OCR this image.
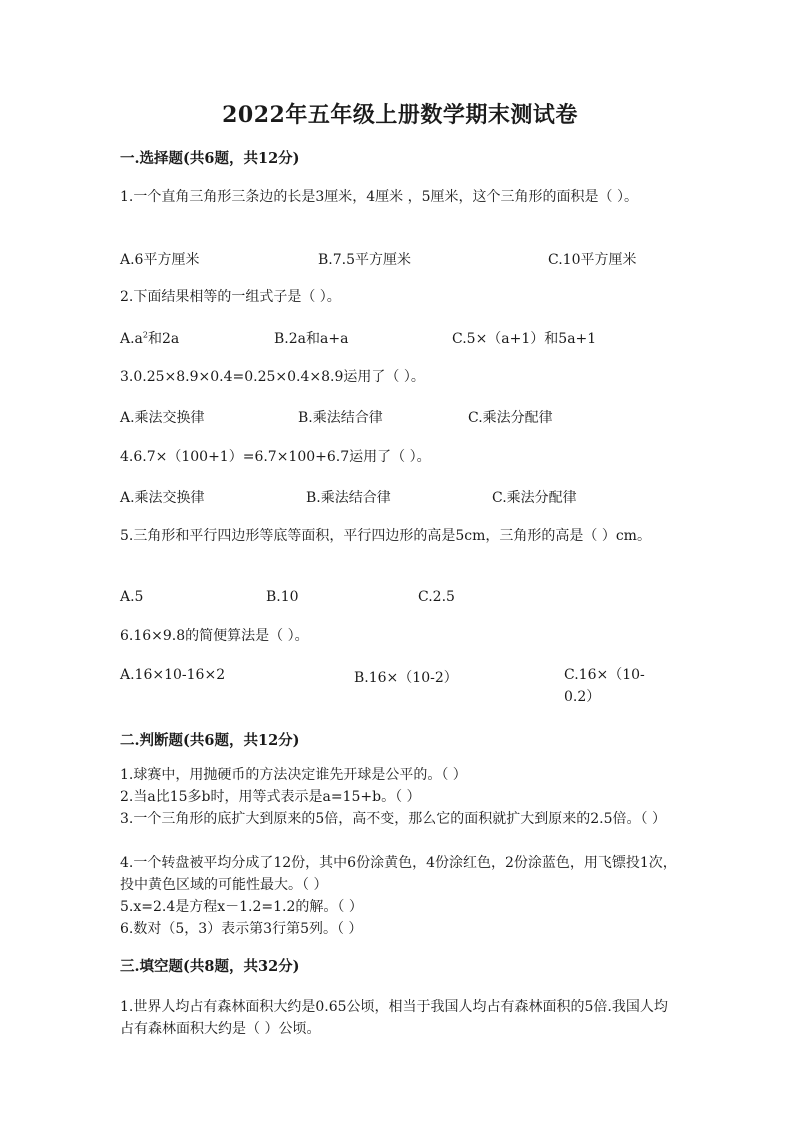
2022年五年级上册数学期末测试卷
一.选择题(共6题，共12分)
1.一个直角三角形三条边的长是3厘米，4厘米 ，5厘米，这个三角形的面积是（ ）。
A.6平方厘米	B.7.5平方厘米	C.10平方厘米
2.下面结果相等的一组式子是（ ）。
$A.a^2$和2a	B.2a和a+a	C.5×（a+1）和5a+1
3.0.25×8.9×0.4=0.25×0.4×8.9运用了（ ）。
A.乘法交换律	B.乘法结合律	C.乘法分配律
4.6.7×（100+1）=6.7×100+6.7运用了（ ）。
A.乘法交换律	B.乘法结合律	C.乘法分配律
5.三角形和平行四边形等底等面积，平行四边形的高是5cm，三角形的高是（ ）cm。
A.5	B.10	C.2.5
6.16×9.8的简便算法是（ ）。
A.16×10-16×2	B.16×（10-2）	C.16×（10-0.2）
二.判断题(共6题，共12分)
1.球赛中，用抛硬币的方法决定谁先开球是公平的。（ ）
2.当a比15多b时，用等式表示是a=15+b。（ ）
3.一个三角形的底扩大到原来的5倍，高不变，那么它的面积就扩大到原来的2.5倍。（ ）
4.一个转盘被平均分成了12份，其中6份涂黄色，4份涂红色，2份涂蓝色，用飞镖投1次，投中黄色区域的可能性最大。（ ）
5.x=2.4是方程x－1.2=1.2的解。（ ）
6.数对（5，3）表示第3行第5列。（ ）
三.填空题(共8题，共32分)
1.世界人均占有森林面积大约是0.65公顷，相当于我国人均占有森林面积的5倍.我国人均占有森林面积大约是（ ）公顷。
